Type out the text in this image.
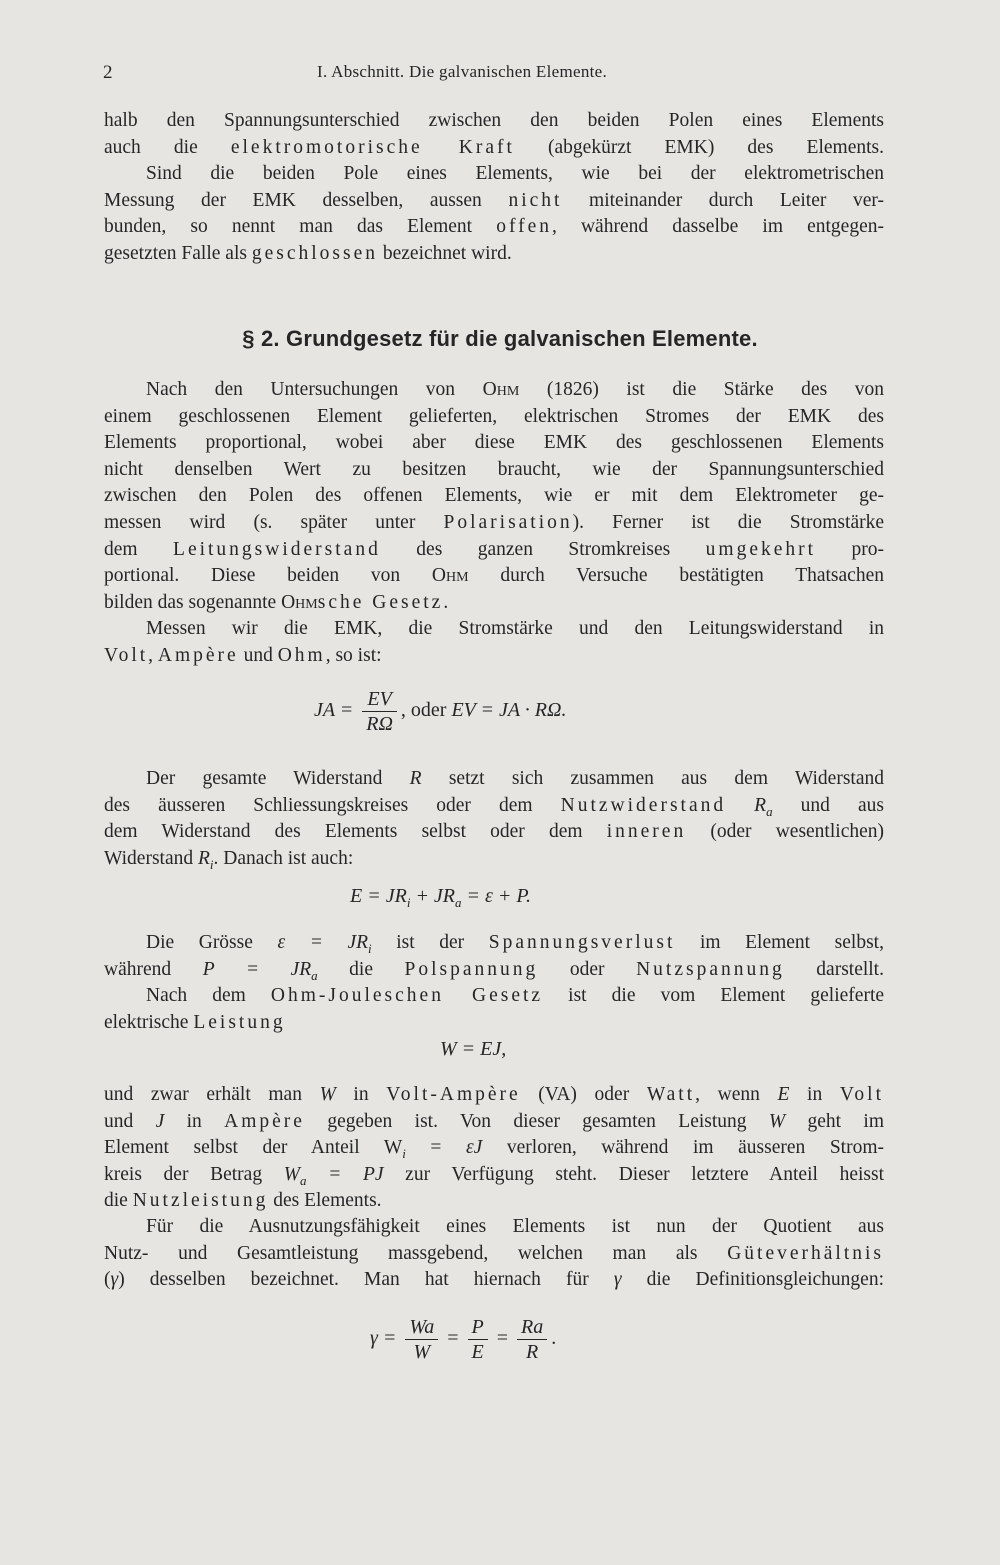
2	I. Abschnitt. Die galvanischen Elemente.
halb den Spannungsunterschied zwischen den beiden Polen eines Elements
auch die elektromotorische Kraft (abgekürzt EMK) des Elements.
Sind die beiden Pole eines Elements, wie bei der elektrometrischen
Messung der EMK desselben, aussen nicht miteinander durch Leiter ver-
bunden, so nennt man das Element offen, während dasselbe im entgegen-
gesetzten Falle als geschlossen bezeichnet wird.
§ 2. Grundgesetz für die galvanischen Elemente.
Nach den Untersuchungen von Ohm (1826) ist die Stärke des von
einem geschlossenen Element gelieferten, elektrischen Stromes der EMK des
Elements proportional, wobei aber diese EMK des geschlossenen Elements
nicht denselben Wert zu besitzen braucht, wie der Spannungsunterschied
zwischen den Polen des offenen Elements, wie er mit dem Elektrometer ge-
messen wird (s. später unter Polarisation). Ferner ist die Stromstärke
dem Leitungswiderstand des ganzen Stromkreises umgekehrt pro-
portional. Diese beiden von Ohm durch Versuche bestätigten Thatsachen
bilden das sogenannte Ohmsche Gesetz.
Messen wir die EMK, die Stromstärke und den Leitungswiderstand in
Volt, Ampère und Ohm, so ist:
JA = $\frac{EV}{R\Omega}$ , oder EV = JA · RΩ.
Der gesamte Widerstand R setzt sich zusammen aus dem Widerstand
des äusseren Schliessungskreises oder dem Nutzwiderstand $R_a$ und aus
dem Widerstand des Elements selbst oder dem inneren (oder wesentlichen)
Widerstand $R_i$. Danach ist auch:
$E = JR_i + JR_a = \varepsilon + P$.
Die Grösse $\varepsilon = JR_i$ ist der Spannungsverlust im Element selbst,
während $P = JR_a$ die Polspannung oder Nutzspannung darstellt.
Nach dem Ohm-Jouleschen Gesetz ist die vom Element gelieferte
elektrische Leistung
W = EJ,
und zwar erhält man W in Volt-Ampère (VA) oder Watt, wenn E in Volt
und J in Ampère gegeben ist. Von dieser gesamten Leistung W geht im
Element selbst der Anteil $W_i = \varepsilon J$ verloren, während im äusseren Strom-
kreis der Betrag $W_a$ = PJ zur Verfügung steht. Dieser letztere Anteil heisst
die Nutzleistung des Elements.
Für die Ausnutzungsfähigkeit eines Elements ist nun der Quotient aus
Nutz- und Gesamtleistung massgebend, welchen man als Güteverhältnis
(γ) desselben bezeichnet. Man hat hiernach für γ die Definitionsgleichungen:
$\gamma = \frac{Wa}{W} = \frac{P}{E} = \frac{Ra}{R}$ .
